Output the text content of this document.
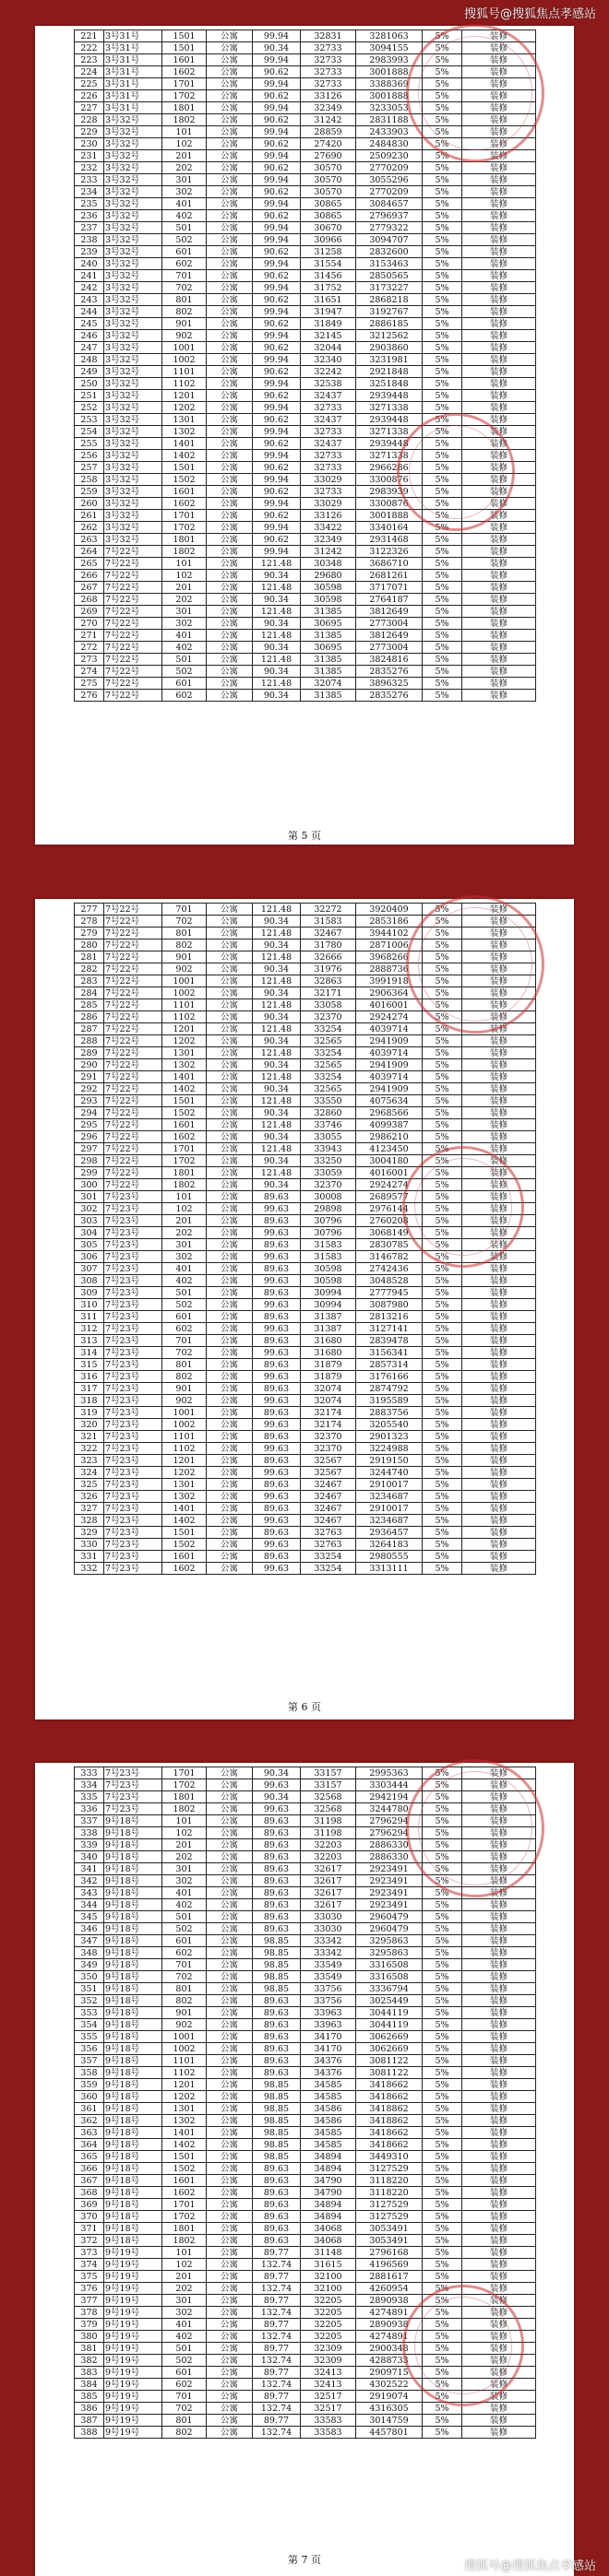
搜狐号@搜狐焦点孝感站
221	3号31号	1501	公寓	99.94	32831	3281063	5%	装修
222	3号31号	1501	公寓	90.34	32733	3094155	5%	装修
223	3号31号	1601	公寓	99.94	32733	2983993	5%	装修
224	3号31号	1602	公寓	90.62	32733	3001888	5%	装修
225	3号31号	1701	公寓	99.94	32733	3388369	5%	装修
226	3号31号	1702	公寓	90.62	33126	3001888	5%	装修
227	3号31号	1801	公寓	99.94	32349	3233053	5%	装修
228	3号32号	1802	公寓	90.62	31242	2831188	5%	装修
229	3号32号	101	公寓	99.94	28859	2433903	5%	装修
230	3号32号	102	公寓	90.62	27420	2484830	5%	装修
231	3号32号	201	公寓	99.94	27690	2509230	5%	装修
232	3号32号	202	公寓	90.62	30570	2770209	5%	装修
233	3号32号	301	公寓	99.94	30570	3055296	5%	装修
234	3号32号	302	公寓	90.62	30570	2770209	5%	装修
235	3号32号	401	公寓	99.94	30865	3084657	5%	装修
236	3号32号	402	公寓	90.62	30865	2796937	5%	装修
237	3号32号	501	公寓	99.94	30670	2779322	5%	装修
238	3号32号	502	公寓	99.94	30966	3094707	5%	装修
239	3号32号	601	公寓	90.62	31258	2832600	5%	装修
240	3号32号	602	公寓	99.94	31554	3153463	5%	装修
241	3号32号	701	公寓	90.62	31456	2850565	5%	装修
242	3号32号	702	公寓	99.94	31752	3173227	5%	装修
243	3号32号	801	公寓	90.62	31651	2868218	5%	装修
244	3号32号	802	公寓	99.94	31947	3192767	5%	装修
245	3号32号	901	公寓	90.62	31849	2886185	5%	装修
246	3号32号	902	公寓	99.94	32145	3212562	5%	装修
247	3号32号	1001	公寓	90.62	32044	2903860	5%	装修
248	3号32号	1002	公寓	99.94	32340	3231981	5%	装修
249	3号32号	1101	公寓	90.62	32242	2921848	5%	装修
250	3号32号	1102	公寓	99.94	32538	3251848	5%	装修
251	3号32号	1201	公寓	90.62	32437	2939448	5%	装修
252	3号32号	1202	公寓	99.94	32733	3271338	5%	装修
253	3号32号	1301	公寓	90.62	32437	2939448	5%	装修
254	3号32号	1302	公寓	99.94	32733	3271338	5%	装修
255	3号32号	1401	公寓	90.62	32437	2939448	5%	装修
256	3号32号	1402	公寓	99.94	32733	3271338	5%	装修
257	3号32号	1501	公寓	90.62	32733	2966286	5%	装修
258	3号32号	1502	公寓	99.94	33029	3300876	5%	装修
259	3号32号	1601	公寓	90.62	32733	2983939	5%	装修
260	3号32号	1602	公寓	99.94	33029	3300876	5%	装修
261	3号32号	1701	公寓	90.62	33126	3001888	5%	装修
262	3号32号	1702	公寓	99.94	33422	3340164	5%	装修
263	3号32号	1801	公寓	90.62	32349	2931468	5%	装修
264	7号22号	1802	公寓	99.94	31242	3122326	5%	装修
265	7号22号	101	公寓	121.48	30348	3686710	5%	装修
266	7号22号	102	公寓	90.34	29680	2681261	5%	装修
267	7号22号	201	公寓	121.48	30598	3717071	5%	装修
268	7号22号	202	公寓	90.34	30598	2764187	5%	装修
269	7号22号	301	公寓	121.48	31385	3812649	5%	装修
270	7号22号	302	公寓	90.34	30695	2773004	5%	装修
271	7号22号	401	公寓	121.48	31385	3812649	5%	装修
272	7号22号	402	公寓	90.34	30695	2773004	5%	装修
273	7号22号	501	公寓	121.48	31385	3824816	5%	装修
274	7号22号	502	公寓	90.34	31385	2835276	5%	装修
275	7号22号	601	公寓	121.48	32074	3896325	5%	装修
276	7号22号	602	公寓	90.34	31385	2835276	5%	装修
第 5 页
277	7号22号	701	公寓	121.48	32272	3920409	5%	装修
278	7号22号	702	公寓	90.34	31583	2853186	5%	装修
279	7号22号	801	公寓	121.48	32467	3944102	5%	装修
280	7号22号	802	公寓	90.34	31780	2871006	5%	装修
281	7号22号	901	公寓	121.48	32666	3968266	5%	装修
282	7号22号	902	公寓	90.34	31976	2888736	5%	装修
283	7号22号	1001	公寓	121.48	32863	3991918	5%	装修
284	7号22号	1002	公寓	90.34	32171	2906364	5%	装修
285	7号22号	1101	公寓	121.48	33058	4016001	5%	装修
286	7号22号	1102	公寓	90.34	32370	2924274	5%	装修
287	7号22号	1201	公寓	121.48	33254	4039714	5%	装修
288	7号22号	1202	公寓	90.34	32565	2941909	5%	装修
289	7号22号	1301	公寓	121.48	33254	4039714	5%	装修
290	7号22号	1302	公寓	90.34	32565	2941909	5%	装修
291	7号22号	1401	公寓	121.48	33254	4039714	5%	装修
292	7号22号	1402	公寓	90.34	32565	2941909	5%	装修
293	7号22号	1501	公寓	121.48	33550	4075634	5%	装修
294	7号22号	1502	公寓	90.34	32860	2968566	5%	装修
295	7号22号	1601	公寓	121.48	33746	4099387	5%	装修
296	7号22号	1602	公寓	90.34	33055	2986210	5%	装修
297	7号22号	1701	公寓	121.48	33943	4123450	5%	装修
298	7号22号	1702	公寓	90.34	33250	3004180	5%	装修
299	7号22号	1801	公寓	121.48	33059	4016001	5%	装修
300	7号22号	1802	公寓	90.34	32370	2924274	5%	装修
301	7号23号	101	公寓	89.63	30008	2689577	5%	装修
302	7号23号	102	公寓	99.63	29898	2976144	5%	装修
303	7号23号	201	公寓	89.63	30796	2760208	5%	装修
304	7号23号	202	公寓	99.63	30796	3068149	5%	装修
305	7号23号	301	公寓	89.63	31583	2830785	5%	装修
306	7号23号	302	公寓	99.63	31583	3146782	5%	装修
307	7号23号	401	公寓	89.63	30598	2742436	5%	装修
308	7号23号	402	公寓	99.63	30598	3048528	5%	装修
309	7号23号	501	公寓	89.63	30994	2777945	5%	装修
310	7号23号	502	公寓	99.63	30994	3087980	5%	装修
311	7号23号	601	公寓	89.63	31387	2813216	5%	装修
312	7号23号	602	公寓	99.63	31387	3127141	5%	装修
313	7号23号	701	公寓	89.63	31680	2839478	5%	装修
314	7号23号	702	公寓	99.63	31680	3156341	5%	装修
315	7号23号	801	公寓	89.63	31879	2857314	5%	装修
316	7号23号	802	公寓	99.63	31879	3176166	5%	装修
317	7号23号	901	公寓	89.63	32074	2874792	5%	装修
318	7号23号	902	公寓	99.63	32074	3195589	5%	装修
319	7号23号	1001	公寓	89.63	32174	2883756	5%	装修
320	7号23号	1002	公寓	99.63	32174	3205540	5%	装修
321	7号23号	1101	公寓	89.63	32370	2901323	5%	装修
322	7号23号	1102	公寓	99.63	32370	3224988	5%	装修
323	7号23号	1201	公寓	89.63	32567	2919150	5%	装修
324	7号23号	1202	公寓	99.63	32567	3244740	5%	装修
325	7号23号	1301	公寓	89.63	32467	2910017	5%	装修
326	7号23号	1302	公寓	99.63	32467	3234687	5%	装修
327	7号23号	1401	公寓	89.63	32467	2910017	5%	装修
328	7号23号	1402	公寓	99.63	32467	3234687	5%	装修
329	7号23号	1501	公寓	89.63	32763	2936457	5%	装修
330	7号23号	1502	公寓	99.63	32763	3264183	5%	装修
331	7号23号	1601	公寓	89.63	33254	2980555	5%	装修
332	7号23号	1602	公寓	99.63	33254	3313111	5%	装修
第 6 页
333	7号23号	1701	公寓	90.34	33157	2995363	5%	装修
334	7号23号	1702	公寓	99.63	33157	3303444	5%	装修
335	7号23号	1801	公寓	90.34	32568	2942194	5%	装修
336	7号23号	1802	公寓	99.63	32568	3244780	5%	装修
337	9号18号	101	公寓	89.63	31198	2796294	5%	装修
338	9号18号	102	公寓	89.63	31198	2796294	5%	装修
339	9号18号	201	公寓	89.63	32203	2886330	5%	装修
340	9号18号	202	公寓	89.63	32203	2886330	5%	装修
341	9号18号	301	公寓	89.63	32617	2923491	5%	装修
342	9号18号	302	公寓	89.63	32617	2923491	5%	装修
343	9号18号	401	公寓	89.63	32617	2923491	5%	装修
344	9号18号	402	公寓	89.63	32617	2923491	5%	装修
345	9号18号	501	公寓	89.63	33030	2960479	5%	装修
346	9号18号	502	公寓	89.63	33030	2960479	5%	装修
347	9号18号	601	公寓	98.85	33342	3295863	5%	装修
348	9号18号	602	公寓	98.85	33342	3295863	5%	装修
349	9号18号	701	公寓	98.85	33549	3316508	5%	装修
350	9号18号	702	公寓	98.85	33549	3316508	5%	装修
351	9号18号	801	公寓	98.85	33756	3336794	5%	装修
352	9号18号	802	公寓	89.63	33756	3025449	5%	装修
353	9号18号	901	公寓	89.63	33963	3044119	5%	装修
354	9号18号	902	公寓	89.63	33963	3044119	5%	装修
355	9号18号	1001	公寓	89.63	34170	3062669	5%	装修
356	9号18号	1002	公寓	89.63	34170	3062669	5%	装修
357	9号18号	1101	公寓	89.63	34376	3081122	5%	装修
358	9号18号	1102	公寓	89.63	34376	3081122	5%	装修
359	9号18号	1201	公寓	98.85	34585	3418662	5%	装修
360	9号18号	1202	公寓	98.85	34585	3418662	5%	装修
361	9号18号	1301	公寓	98.85	34586	3418862	5%	装修
362	9号18号	1302	公寓	98.85	34586	3418862	5%	装修
363	9号18号	1401	公寓	98.85	34585	3418662	5%	装修
364	9号18号	1402	公寓	98.85	34585	3418662	5%	装修
365	9号18号	1501	公寓	98.85	34894	3449310	5%	装修
366	9号18号	1502	公寓	89.63	34894	3127529	5%	装修
367	9号18号	1601	公寓	89.63	34790	3118220	5%	装修
368	9号18号	1602	公寓	89.63	34790	3118220	5%	装修
369	9号18号	1701	公寓	89.63	34894	3127529	5%	装修
370	9号18号	1702	公寓	89.63	34894	3127529	5%	装修
371	9号18号	1801	公寓	89.63	34068	3053491	5%	装修
372	9号18号	1802	公寓	89.63	34068	3053491	5%	装修
373	9号19号	101	公寓	89.77	31148	2796168	5%	装修
374	9号19号	102	公寓	132.74	31615	4196569	5%	装修
375	9号19号	201	公寓	89.77	32100	2881617	5%	装修
376	9号19号	202	公寓	132.74	32100	4260954	5%	装修
377	9号19号	301	公寓	89.77	32205	2890938	5%	装修
378	9号19号	302	公寓	132.74	32205	4274891	5%	装修
379	9号19号	401	公寓	89.77	32205	2890938	5%	装修
380	9号19号	402	公寓	132.74	32205	4274891	5%	装修
381	9号19号	501	公寓	89.77	32309	2900348	5%	装修
382	9号19号	502	公寓	132.74	32309	4288733	5%	装修
383	9号19号	601	公寓	89.77	32413	2909715	5%	装修
384	9号19号	602	公寓	132.74	32413	4302522	5%	装修
385	9号19号	701	公寓	89.77	32517	2919074	5%	装修
386	9号19号	702	公寓	132.74	32517	4316305	5%	装修
387	9号19号	801	公寓	89.77	33583	3014759	5%	装修
388	9号19号	802	公寓	132.74	33583	4457801	5%	装修
第 7 页	搜狐号@搜狐焦点孝感站
